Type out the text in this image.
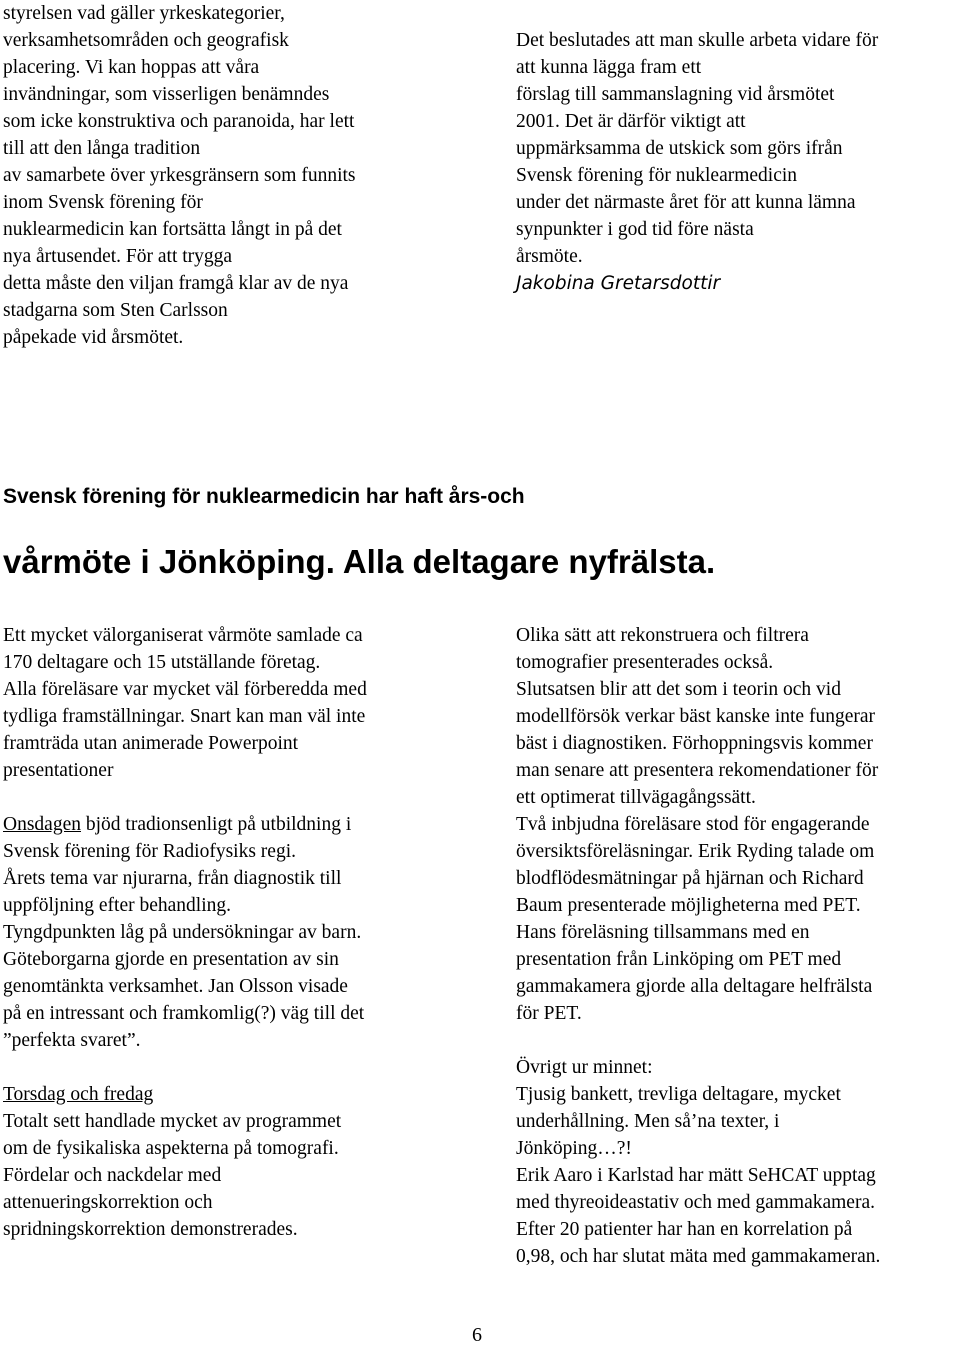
styrelsen vad gäller yrkeskategorier,
verksamhetsområden och geografisk
placering. Vi kan hoppas att våra
invändningar, som visserligen benämndes
som icke konstruktiva och paranoida, har lett
till att den långa tradition
av samarbete över yrkesgränsern som funnits
inom Svensk förening för
nuklearmedicin kan fortsätta långt in på det
nya årtusendet. För att trygga
detta måste den viljan framgå klar av de nya
stadgarna som Sten Carlsson
påpekade vid årsmötet.
Det beslutades att man skulle arbeta vidare för
att kunna lägga fram ett
förslag till sammanslagning vid årsmötet
2001. Det är därför viktigt att
uppmärksamma de utskick som görs ifrån
Svensk förening för nuklearmedicin
under det närmaste året för att kunna lämna
synpunkter i god tid före nästa
årsmöte.
Jakobina Gretarsdottir
Svensk förening för nuklearmedicin har haft års-och
vårmöte i Jönköping. Alla deltagare nyfrälsta.
Ett mycket välorganiserat vårmöte samlade ca
170 deltagare och 15 utställande företag.
Alla föreläsare var mycket väl förberedda med
tydliga framställningar. Snart kan man väl inte
framträda utan animerade Powerpoint
presentationer
Onsdagen bjöd tradionsenligt på utbildning i
Svensk förening för Radiofysiks regi.
Årets tema var njurarna, från diagnostik till
uppföljning efter behandling.
Tyngdpunkten låg på undersökningar av barn.
Göteborgarna gjorde en presentation av sin
genomtänkta verksamhet. Jan Olsson visade
på en intressant och framkomlig(?) väg till det
”perfekta svaret”.
Torsdag och fredag
Totalt sett handlade mycket av programmet
om de fysikaliska aspekterna på tomografi.
Fördelar och nackdelar med
attenueringskorrektion och
spridningskorrektion demonstrerades.
Olika sätt att rekonstruera och filtrera
tomografier presenterades också.
Slutsatsen blir att det som i teorin och vid
modellförsök verkar bäst kanske inte fungerar
bäst i diagnostiken. Förhoppningsvis kommer
man senare att presentera rekomendationer för
ett optimerat tillvägagångssätt.
Två inbjudna föreläsare stod för engagerande
översiktsföreläsningar. Erik Ryding talade om
blodflödesmätningar på hjärnan och Richard
Baum presenterade möjligheterna med PET.
Hans föreläsning tillsammans med en
presentation från Linköping om PET med
gammakamera gjorde alla deltagare helfrälsta
för PET.
Övrigt ur minnet:
Tjusig bankett, trevliga deltagare, mycket
underhållning. Men så’na texter, i
Jönköping…?!
Erik Aaro i Karlstad har mätt SeHCAT upptag
med thyreoideastativ och med gammakamera.
Efter 20 patienter har han en korrelation på
0,98, och har slutat mäta med gammakameran.
6
